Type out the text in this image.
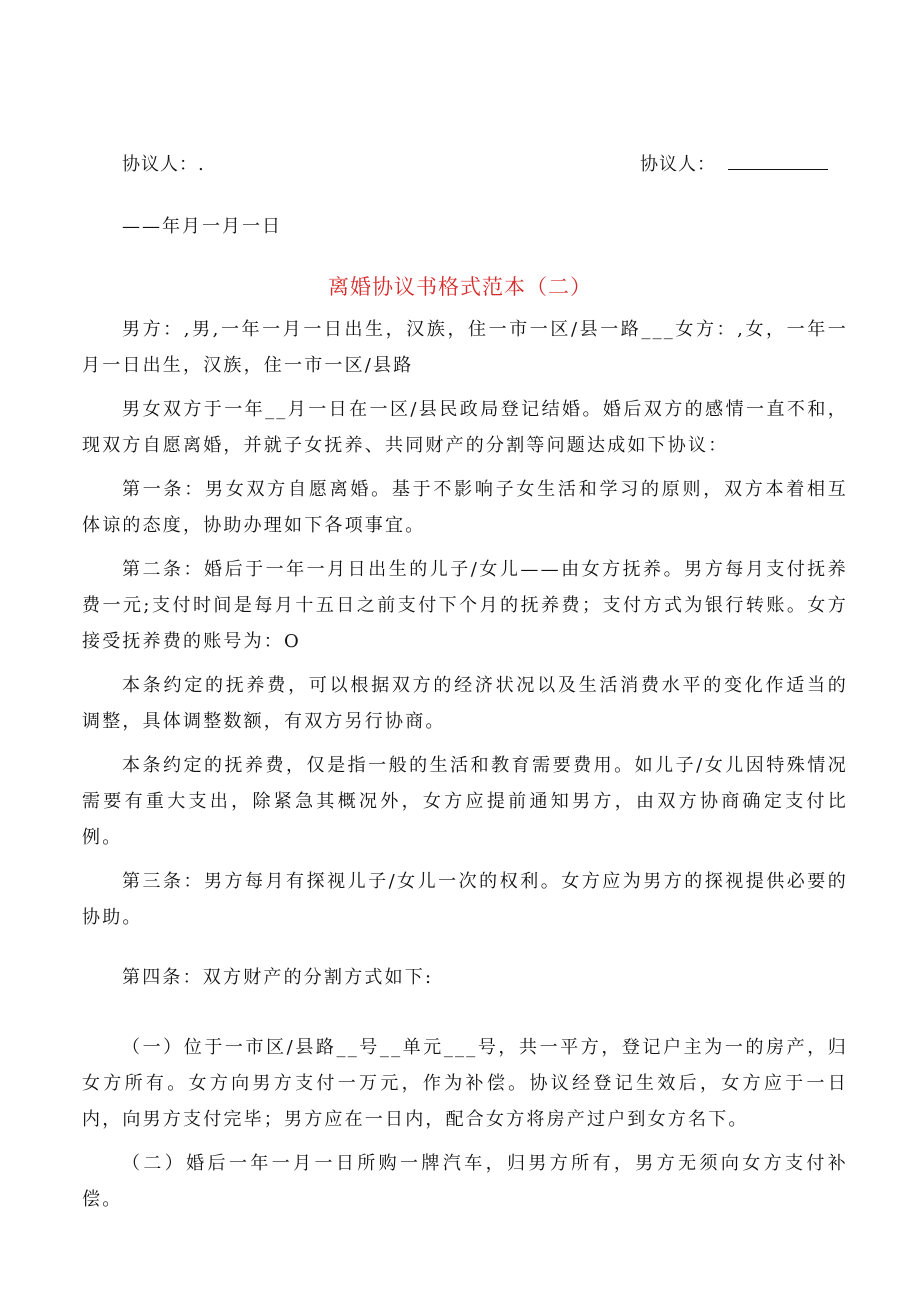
协议人：.	协议人：
——年月一月一日
离婚协议书格式范本（二）

男方：,男,一年一月一日出生，汉族，住一市一区/县一路___女方：,女，一年一月一日出生，汉族，住一市一区/县路

男女双方于一年__月一日在一区/县民政局登记结婚。婚后双方的感情一直不和，现双方自愿离婚，并就子女抚养、共同财产的分割等问题达成如下协议：

第一条：男女双方自愿离婚。基于不影响子女生活和学习的原则，双方本着相互体谅的态度，协助办理如下各项事宜。

第二条：婚后于一年一月日出生的儿子/女儿——由女方抚养。男方每月支付抚养费一元;支付时间是每月十五日之前支付下个月的抚养费；支付方式为银行转账。女方接受抚养费的账号为：O

本条约定的抚养费，可以根据双方的经济状况以及生活消费水平的变化作适当的调整，具体调整数额，有双方另行协商。

本条约定的抚养费，仅是指一般的生活和教育需要费用。如儿子/女儿因特殊情况需要有重大支出，除紧急其概况外，女方应提前通知男方，由双方协商确定支付比例。

第三条：男方每月有探视儿子/女儿一次的权利。女方应为男方的探视提供必要的协助。

第四条：双方财产的分割方式如下:

（一）位于一市区/县路__号__单元___号，共一平方，登记户主为一的房产，归女方所有。女方向男方支付一万元，作为补偿。协议经登记生效后，女方应于一日内，向男方支付完毕；男方应在一日内，配合女方将房产过户到女方名下。

（二）婚后一年一月一日所购一牌汽车，归男方所有，男方无须向女方支付补偿。
